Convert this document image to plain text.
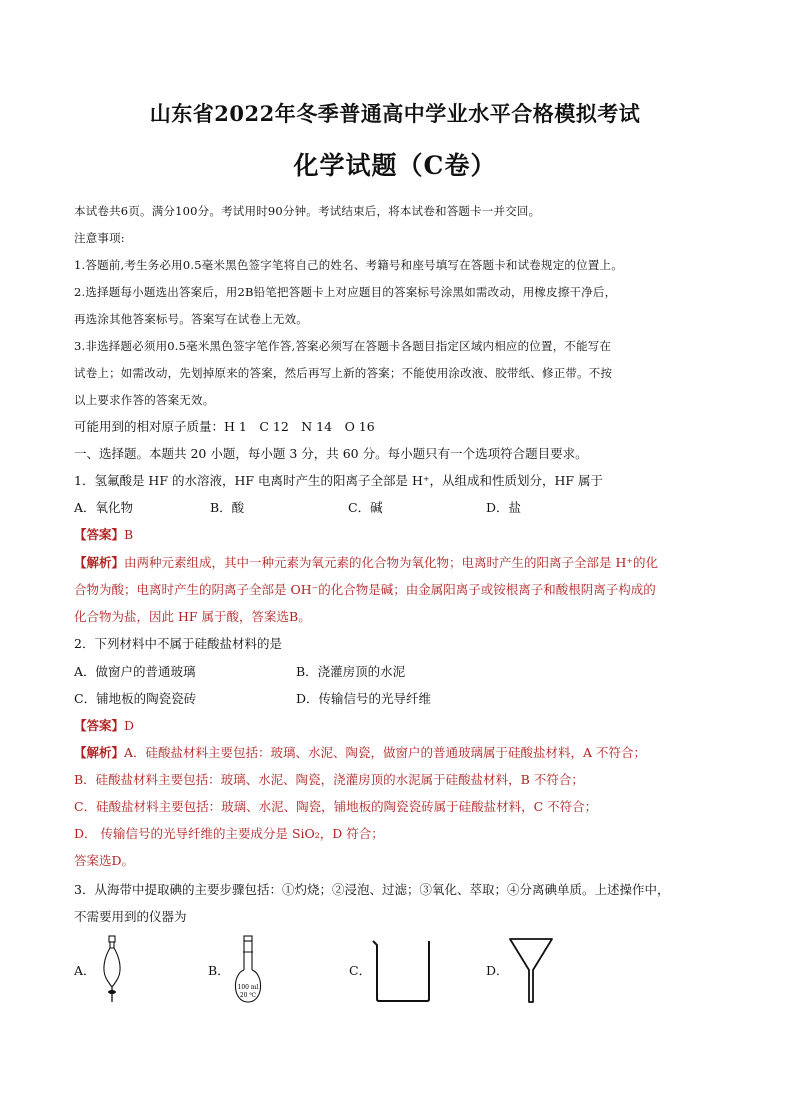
山东省2022年冬季普通高中学业水平合格模拟考试
化学试题（C卷）
本试卷共6页。满分100分。考试用时90分钟。考试结束后，将本试卷和答题卡一并交回。
注意事项:
1.答题前,考生务必用0.5毫米黑色签字笔将自己的姓名、考籍号和座号填写在答题卡和试卷规定的位置上。
2.选择题每小题选出答案后，用2B铅笔把答题卡上对应题目的答案标号涂黑如需改动，用橡皮擦干净后，
再选涂其他答案标号。答案写在试卷上无效。
3.非选择题必须用0.5毫米黑色签字笔作答,答案必须写在答题卡各题目指定区域内相应的位置，不能写在
试卷上；如需改动，先划掉原来的答案，然后再写上新的答案；不能使用涂改液、胶带纸、修正带。不按
以上要求作答的答案无效。
可能用到的相对原子质量：H 1　C 12　N 14　O 16
一、选择题。本题共 20 小题，每小题 3 分，共 60 分。每小题只有一个选项符合题目要求。
1．氢氟酸是 HF 的水溶液，HF 电离时产生的阳离子全部是 H⁺，从组成和性质划分，HF 属于
A．氧化物	B．酸	C．碱	D．盐
【答案】B
【解析】由两种元素组成，其中一种元素为氧元素的化合物为氧化物；电离时产生的阳离子全部是 H⁺的化
合物为酸；电离时产生的阴离子全部是 OH⁻的化合物是碱；由金属阳离子或铵根离子和酸根阴离子构成的
化合物为盐，因此 HF 属于酸，答案选B。
2．下列材料中不属于硅酸盐材料的是
A．做窗户的普通玻璃	B．浇灌房顶的水泥
C．铺地板的陶瓷瓷砖	D．传输信号的光导纤维
【答案】D
【解析】A．硅酸盐材料主要包括：玻璃、水泥、陶瓷，做窗户的普通玻璃属于硅酸盐材料，A 不符合；
B．硅酸盐材料主要包括：玻璃、水泥、陶瓷，浇灌房顶的水泥属于硅酸盐材料，B 不符合；
C．硅酸盐材料主要包括：玻璃、水泥、陶瓷，铺地板的陶瓷瓷砖属于硅酸盐材料，C 不符合；
D． 传输信号的光导纤维的主要成分是 SiO₂，D 符合；
答案选D。
3．从海带中提取碘的主要步骤包括：①灼烧；②浸泡、过滤；③氧化、萃取；④分离碘单质。上述操作中，
不需要用到的仪器为
A．	B．
100 ml
20 ℃
C．	D．
